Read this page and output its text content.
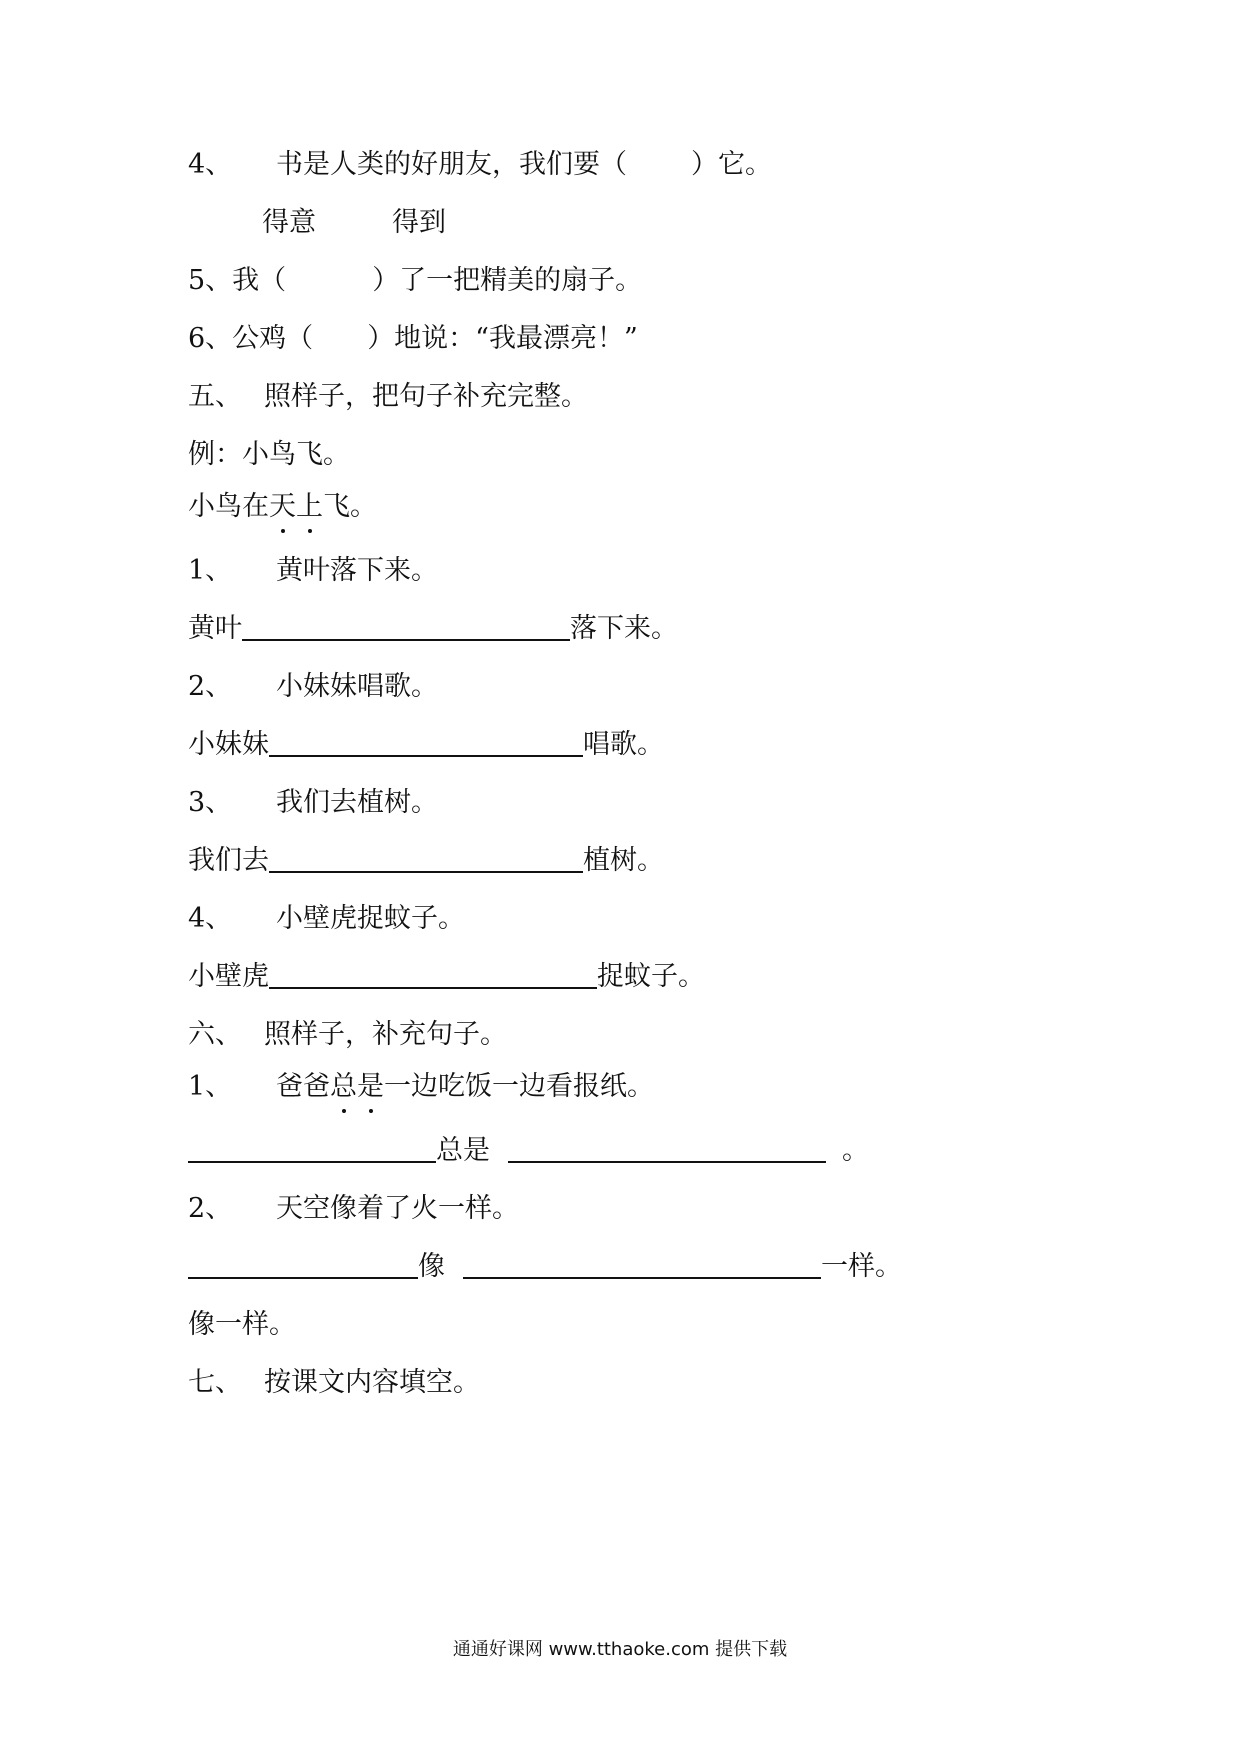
4、 书是人类的好朋友，我们要（ ）它。
得意	得到
5、我（	）了一把精美的扇子。
6、公鸡（ ）地说：“我最漂亮！”
五、 照样子，把句子补充完整。
例：小鸟飞。
小鸟在天上飞。
1、 黄叶落下来。
黄叶	落下来。
2、 小妹妹唱歌。
小妹妹	唱歌。
3、 我们去植树。
我们去	植树。
4、 小壁虎捉蚊子。
小壁虎	捉蚊子。
六、 照样子，补充句子。
1、 爸爸总是一边吃饭一边看报纸。
总是	。
2、 天空像着了火一样。
像	一样。
像一样。
七、 按课文内容填空。
通通好课网 www.tthaoke.com 提供下载
